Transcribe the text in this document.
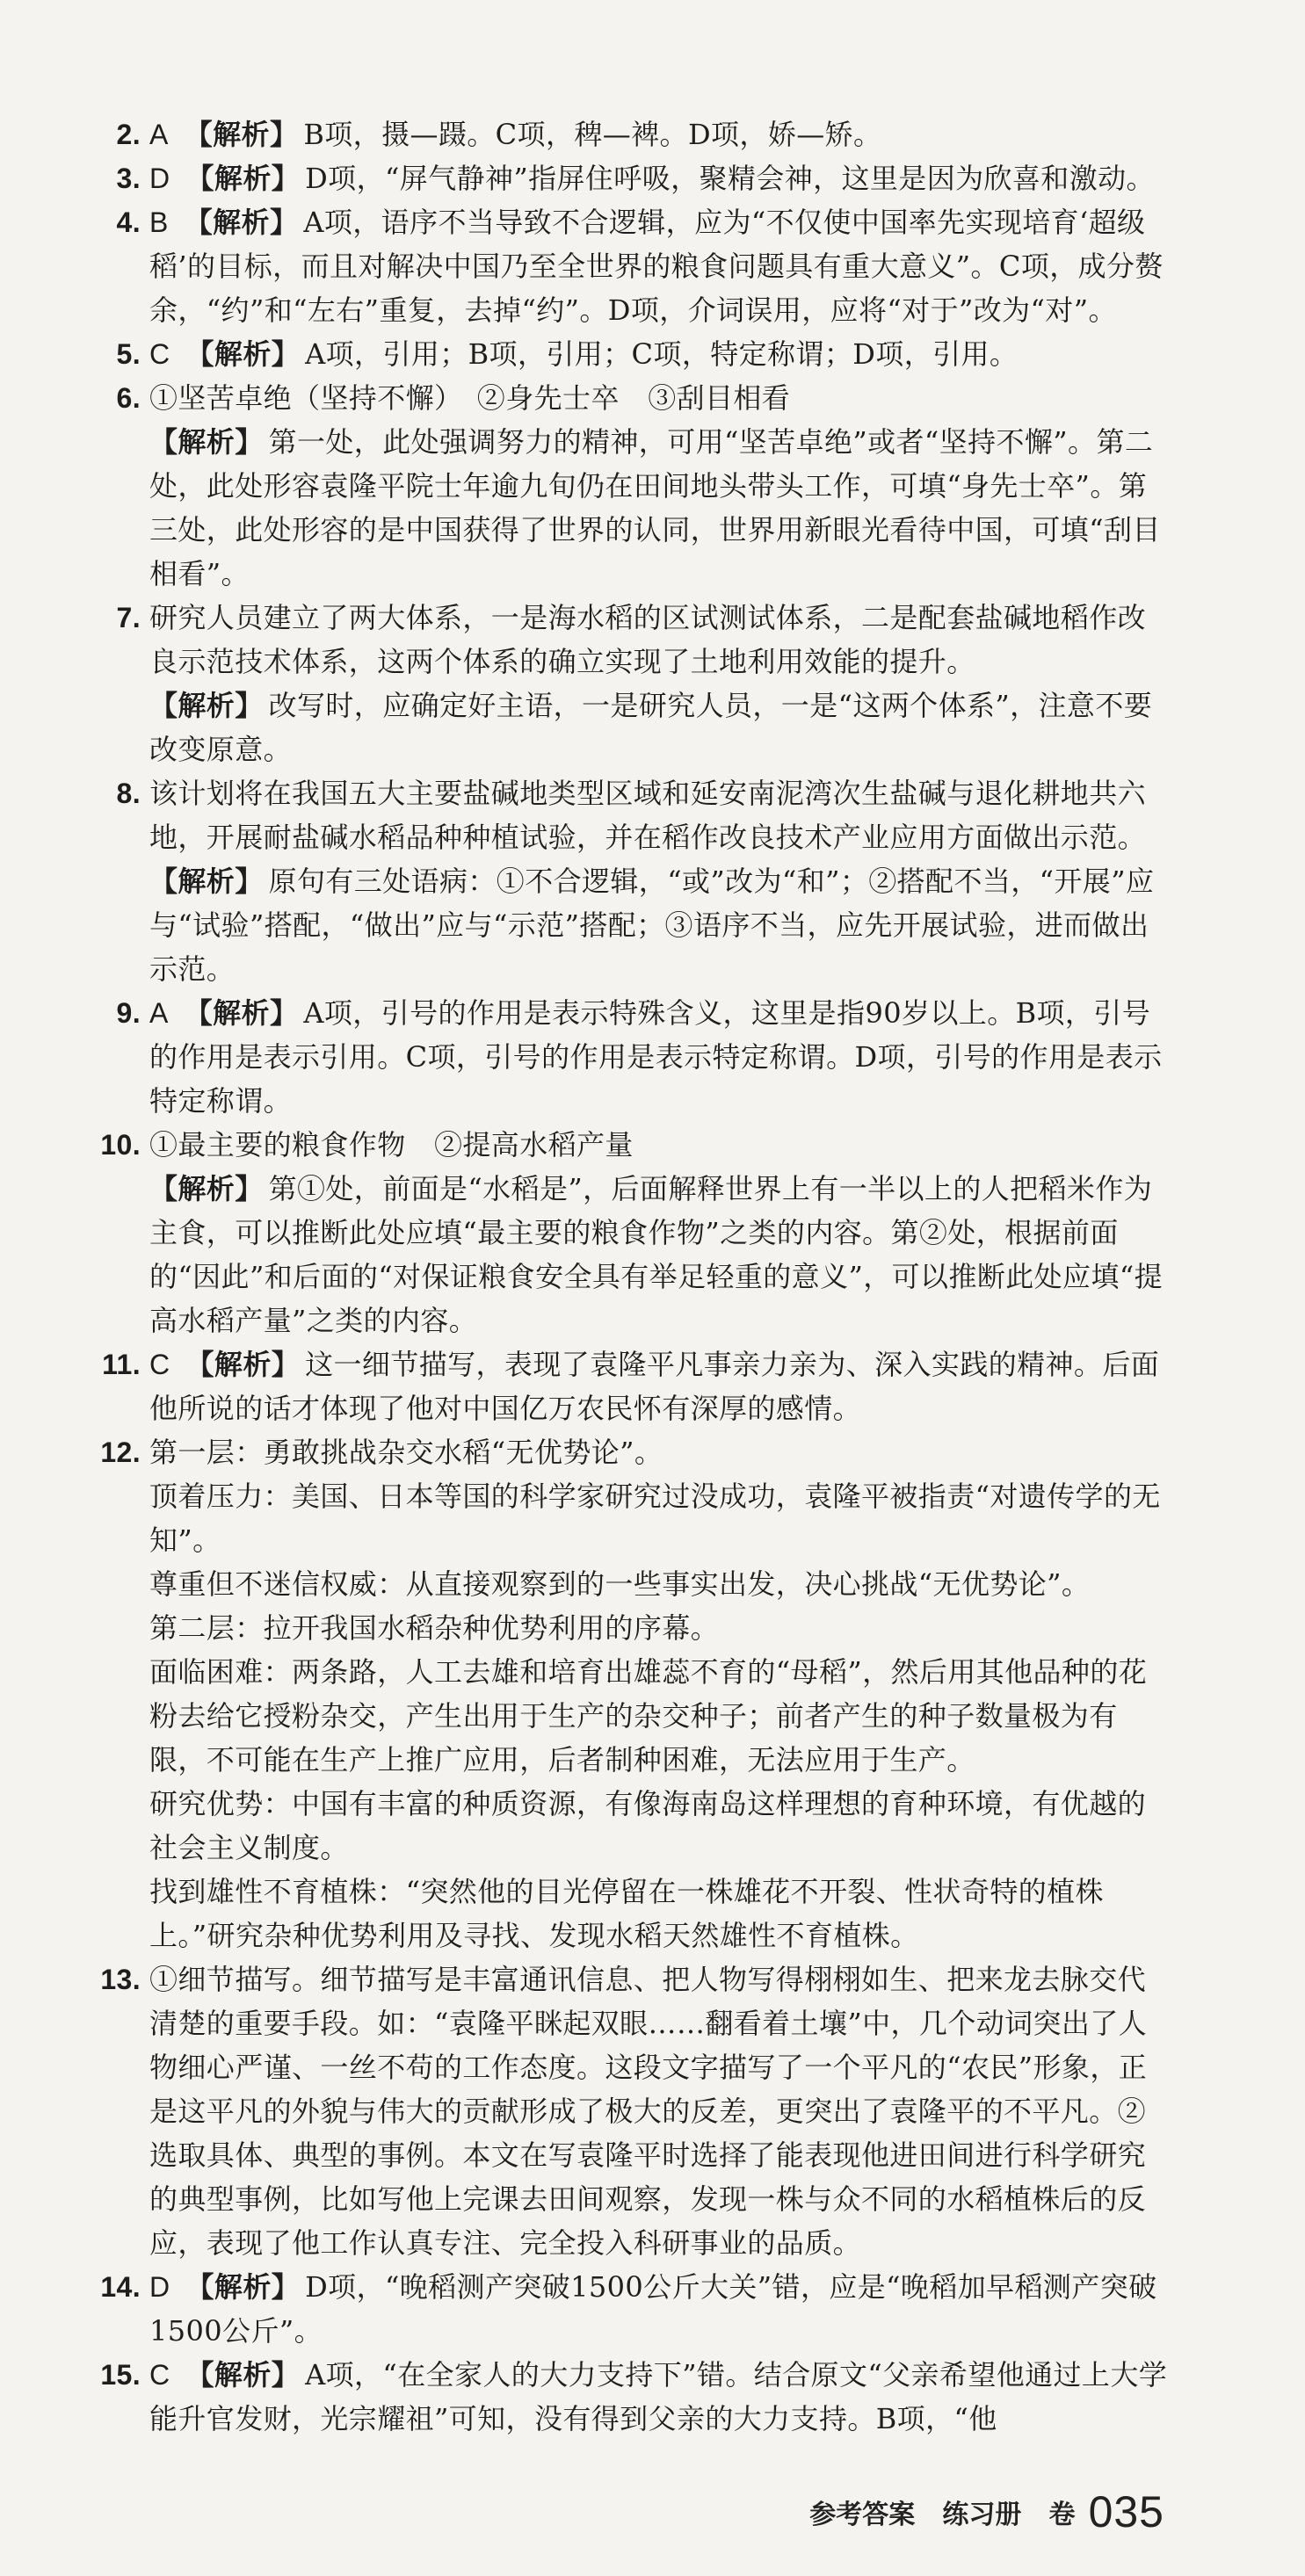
2. A 【解析】 B项，摄—蹑。C项，稗—裨。D项，娇—矫。

3. D 【解析】 D项，“屏气静神”指屏住呼吸，聚精会神，这里是因为欣喜和激动。

4. B 【解析】 A项，语序不当导致不合逻辑，应为“不仅使中国率先实现培育‘超级稻’的目标，而且对解决中国乃至全世界的粮食问题具有重大意义”。C项，成分赘余，“约”和“左右”重复，去掉“约”。D项，介词误用，应将“对于”改为“对”。

5. C 【解析】 A项，引用；B项，引用；C项，特定称谓；D项，引用。

6. ①坚苦卓绝（坚持不懈）　②身先士卒　③刮目相看

【解析】 第一处，此处强调努力的精神，可用“坚苦卓绝”或者“坚持不懈”。第二处，此处形容袁隆平院士年逾九旬仍在田间地头带头工作，可填“身先士卒”。第三处，此处形容的是中国获得了世界的认同，世界用新眼光看待中国，可填“刮目相看”。

7. 研究人员建立了两大体系，一是海水稻的区试测试体系，二是配套盐碱地稻作改良示范技术体系，这两个体系的确立实现了土地利用效能的提升。

【解析】 改写时，应确定好主语，一是研究人员，一是“这两个体系”，注意不要改变原意。

8. 该计划将在我国五大主要盐碱地类型区域和延安南泥湾次生盐碱与退化耕地共六地，开展耐盐碱水稻品种种植试验，并在稻作改良技术产业应用方面做出示范。

【解析】 原句有三处语病：①不合逻辑，“或”改为“和”；②搭配不当，“开展”应与“试验”搭配，“做出”应与“示范”搭配；③语序不当，应先开展试验，进而做出示范。

9. A 【解析】 A项，引号的作用是表示特殊含义，这里是指90岁以上。B项，引号的作用是表示引用。C项，引号的作用是表示特定称谓。D项，引号的作用是表示特定称谓。

10. ①最主要的粮食作物　②提高水稻产量

【解析】 第①处，前面是“水稻是”，后面解释世界上有一半以上的人把稻米作为主食，可以推断此处应填“最主要的粮食作物”之类的内容。第②处，根据前面的“因此”和后面的“对保证粮食安全具有举足轻重的意义”，可以推断此处应填“提高水稻产量”之类的内容。

11. C 【解析】 这一细节描写，表现了袁隆平凡事亲力亲为、深入实践的精神。后面他所说的话才体现了他对中国亿万农民怀有深厚的感情。

12. 第一层：勇敢挑战杂交水稻“无优势论”。

顶着压力：美国、日本等国的科学家研究过没成功，袁隆平被指责“对遗传学的无知”。

尊重但不迷信权威：从直接观察到的一些事实出发，决心挑战“无优势论”。

第二层：拉开我国水稻杂种优势利用的序幕。

面临困难：两条路，人工去雄和培育出雄蕊不育的“母稻”，然后用其他品种的花粉去给它授粉杂交，产生出用于生产的杂交种子；前者产生的种子数量极为有限，不可能在生产上推广应用，后者制种困难，无法应用于生产。

研究优势：中国有丰富的种质资源，有像海南岛这样理想的育种环境，有优越的社会主义制度。

找到雄性不育植株：“突然他的目光停留在一株雄花不开裂、性状奇特的植株上。”研究杂种优势利用及寻找、发现水稻天然雄性不育植株。

13. ①细节描写。细节描写是丰富通讯信息、把人物写得栩栩如生、把来龙去脉交代清楚的重要手段。如：“袁隆平眯起双眼……翻看着土壤”中，几个动词突出了人物细心严谨、一丝不苟的工作态度。这段文字描写了一个平凡的“农民”形象，正是这平凡的外貌与伟大的贡献形成了极大的反差，更突出了袁隆平的不平凡。②选取具体、典型的事例。本文在写袁隆平时选择了能表现他进田间进行科学研究的典型事例，比如写他上完课去田间观察，发现一株与众不同的水稻植株后的反应，表现了他工作认真专注、完全投入科研事业的品质。

14. D 【解析】 D项，“晚稻测产突破1500公斤大关”错，应是“晚稻加早稻测产突破1500公斤”。

15. C 【解析】 A项，“在全家人的大力支持下”错。结合原文“父亲希望他通过上大学能升官发财，光宗耀祖”可知，没有得到父亲的大力支持。B项，“他

参考答案 练习册 卷 035
